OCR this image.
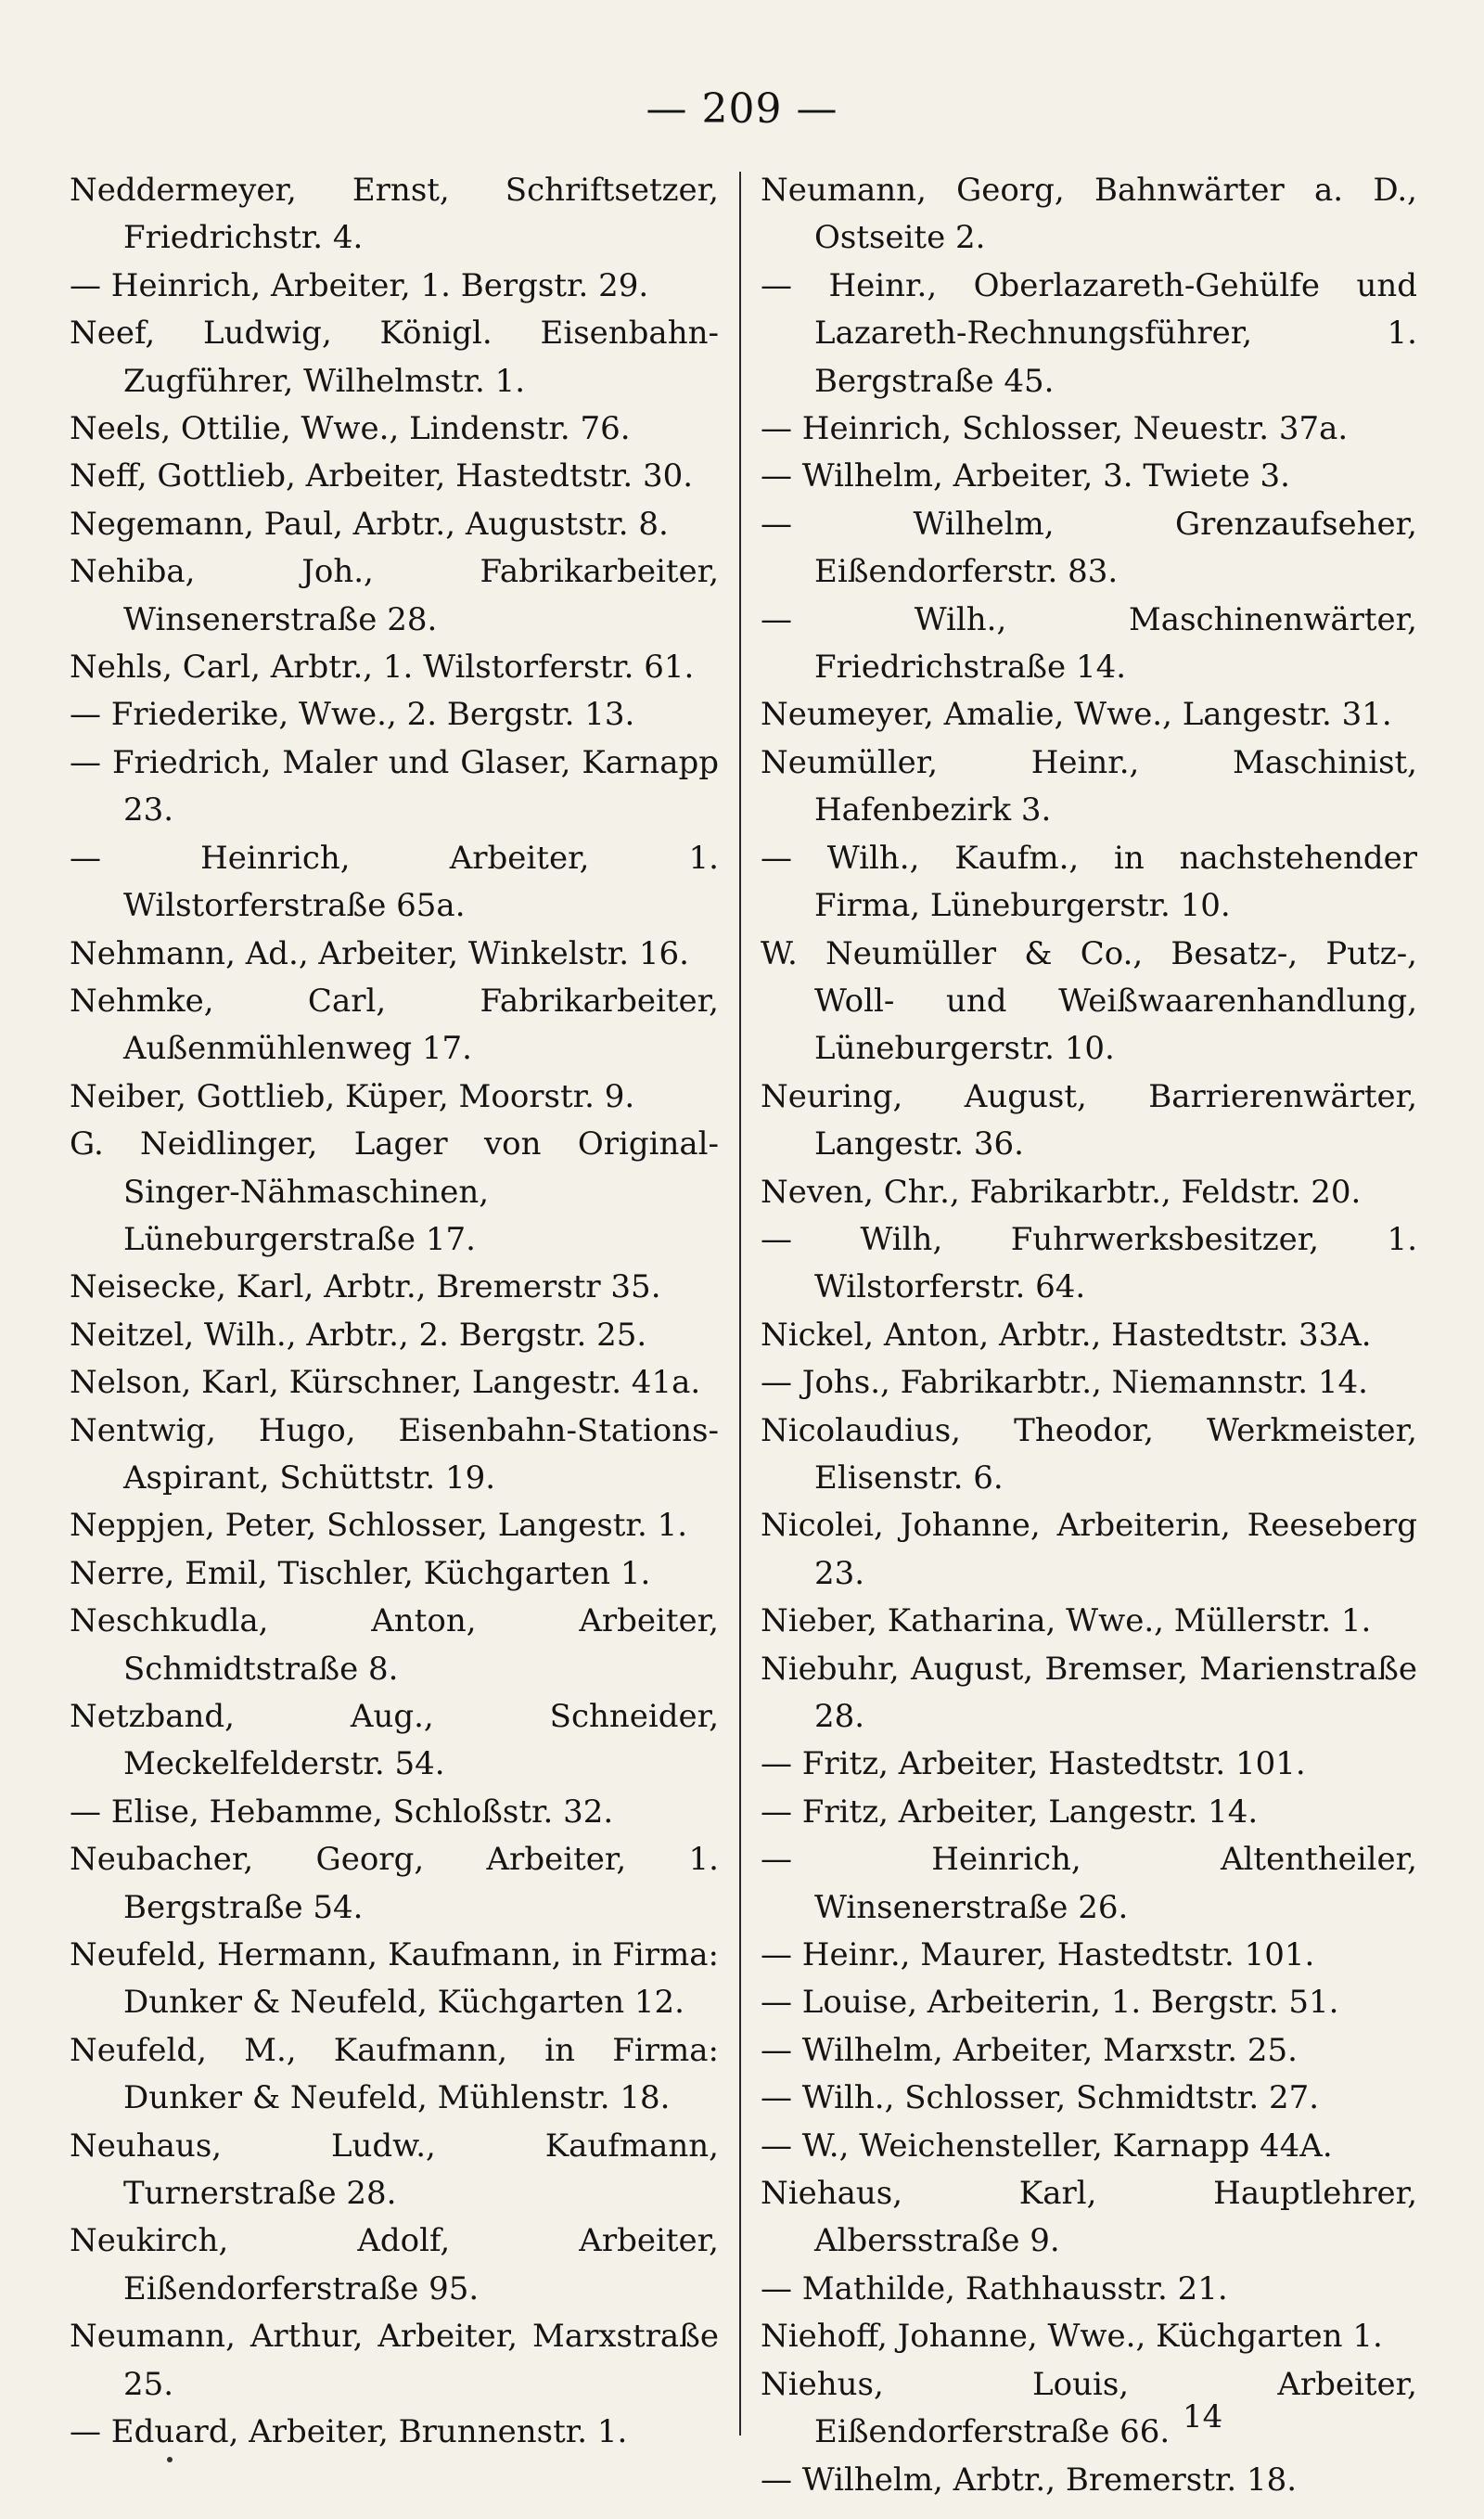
— 209 —

Neddermeyer, Ernst, Schriftsetzer, Friedrichstr. 4.

— Heinrich, Arbeiter, 1. Bergstr. 29.

Neef, Ludwig, Königl. Eisenbahn-Zugführer, Wilhelmstr. 1.

Neels, Ottilie, Wwe., Lindenstr. 76.

Neff, Gottlieb, Arbeiter, Hastedtstr. 30.

Negemann, Paul, Arbtr., Auguststr. 8.

Nehiba, Joh., Fabrikarbeiter, Winsenerstraße 28.

Nehls, Carl, Arbtr., 1. Wilstorferstr. 61.

— Friederike, Wwe., 2. Bergstr. 13.

— Friedrich, Maler und Glaser, Karnapp 23.

— Heinrich, Arbeiter, 1. Wilstorferstraße 65a.

Nehmann, Ad., Arbeiter, Winkelstr. 16.

Nehmke, Carl, Fabrikarbeiter, Außenmühlenweg 17.

Neiber, Gottlieb, Küper, Moorstr. 9.

G. Neidlinger, Lager von Original-Singer-Nähmaschinen, Lüneburgerstraße 17.

Neisecke, Karl, Arbtr., Bremerstr 35.

Neitzel, Wilh., Arbtr., 2. Bergstr. 25.

Nelson, Karl, Kürschner, Langestr. 41a.

Nentwig, Hugo, Eisenbahn-Stations-Aspirant, Schüttstr. 19.

Neppjen, Peter, Schlosser, Langestr. 1.

Nerre, Emil, Tischler, Küchgarten 1.

Neschkudla, Anton, Arbeiter, Schmidtstraße 8.

Netzband, Aug., Schneider, Meckelfelderstr. 54.

— Elise, Hebamme, Schloßstr. 32.

Neubacher, Georg, Arbeiter, 1. Bergstraße 54.

Neufeld, Hermann, Kaufmann, in Firma: Dunker & Neufeld, Küchgarten 12.

Neufeld, M., Kaufmann, in Firma: Dunker & Neufeld, Mühlenstr. 18.

Neuhaus, Ludw., Kaufmann, Turnerstraße 28.

Neukirch, Adolf, Arbeiter, Eißendorferstraße 95.

Neumann, Arthur, Arbeiter, Marxstraße 25.

— Eduard, Arbeiter, Brunnenstr. 1.

Neumann, Georg, Bahnwärter a. D., Ostseite 2.

— Heinr., Oberlazareth-Gehülfe und Lazareth-Rechnungsführer, 1. Bergstraße 45.

— Heinrich, Schlosser, Neuestr. 37a.

— Wilhelm, Arbeiter, 3. Twiete 3.

— Wilhelm, Grenzaufseher, Eißendorferstr. 83.

— Wilh., Maschinenwärter, Friedrichstraße 14.

Neumeyer, Amalie, Wwe., Langestr. 31.

Neumüller, Heinr., Maschinist, Hafenbezirk 3.

— Wilh., Kaufm., in nachstehender Firma, Lüneburgerstr. 10.

W. Neumüller & Co., Besatz-, Putz-, Woll- und Weißwaarenhandlung, Lüneburgerstr. 10.

Neuring, August, Barrierenwärter, Langestr. 36.

Neven, Chr., Fabrikarbtr., Feldstr. 20.

— Wilh, Fuhrwerksbesitzer, 1. Wilstorferstr. 64.

Nickel, Anton, Arbtr., Hastedtstr. 33A.

— Johs., Fabrikarbtr., Niemannstr. 14.

Nicolaudius, Theodor, Werkmeister, Elisenstr. 6.

Nicolei, Johanne, Arbeiterin, Reeseberg 23.

Nieber, Katharina, Wwe., Müllerstr. 1.

Niebuhr, August, Bremser, Marienstraße 28.

— Fritz, Arbeiter, Hastedtstr. 101.

— Fritz, Arbeiter, Langestr. 14.

— Heinrich, Altentheiler, Winsenerstraße 26.

— Heinr., Maurer, Hastedtstr. 101.

— Louise, Arbeiterin, 1. Bergstr. 51.

— Wilhelm, Arbeiter, Marxstr. 25.

— Wilh., Schlosser, Schmidtstr. 27.

— W., Weichensteller, Karnapp 44A.

Niehaus, Karl, Hauptlehrer, Albersstraße 9.

— Mathilde, Rathhausstr. 21.

Niehoff, Johanne, Wwe., Küchgarten 1.

Niehus, Louis, Arbeiter, Eißendorferstraße 66.

— Wilhelm, Arbtr., Bremerstr. 18.

14
